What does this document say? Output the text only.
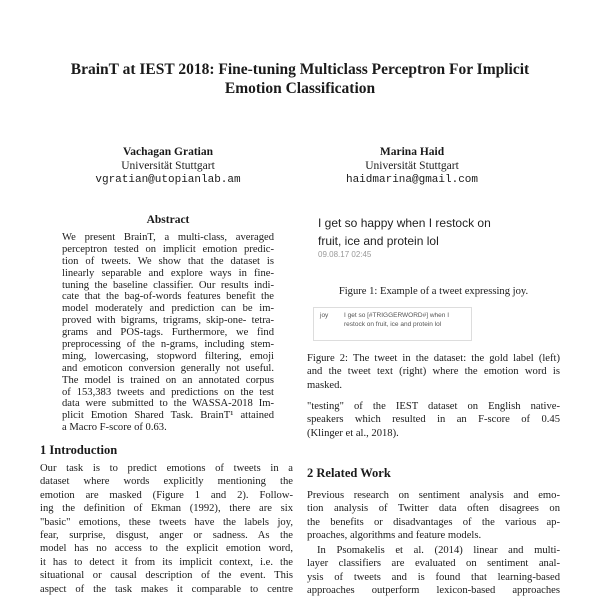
BrainT at IEST 2018: Fine-tuning Multiclass Perceptron For Implicit
Emotion Classification
Vachagan Gratian
Universität Stuttgart
vgratian@utopianlab.am
Marina Haid
Universität Stuttgart
haidmarina@gmail.com
Abstract
We present BrainT, a multi-class, averaged
perceptron tested on implicit emotion predic-
tion of tweets. We show that the dataset is
linearly separable and explore ways in fine-
tuning the baseline classifier. Our results indi-
cate that the bag-of-words features benefit the
model moderately and prediction can be im-
proved with bigrams, trigrams, skip-one- tetra-
grams and POS-tags. Furthermore, we find
preprocessing of the n-grams, including stem-
ming, lowercasing, stopword filtering, emoji
and emoticon conversion generally not useful.
The model is trained on an annotated corpus
of 153,383 tweets and predictions on the test
data were submitted to the WASSA-2018 Im-
plicit Emotion Shared Task. BrainT¹ attained
a Macro F-score of 0.63.
1 Introduction
Our task is to predict emotions of tweets in a
dataset where words explicitly mentioning the
emotion are masked (Figure 1 and 2). Follow-
ing the definition of Ekman (1992), there are six
"basic" emotions, these tweets have the labels joy,
fear, surprise, disgust, anger or sadness. As the
model has no access to the explicit emotion word,
it has to detect it from its implicit context, i.e. the
situational or causal description of the event. This
aspect of the task makes it comparable to centre
I get so happy when I restock on
fruit, ice and protein lol
09.08.17 02:45
Figure 1: Example of a tweet expressing joy.
joy I get so [#TRIGGERWORD#] when I
restock on fruit, ice and protein lol
Figure 2: The tweet in the dataset: the gold label (left)
and the tweet text (right) where the emotion word is
masked.
"testing" of the IEST dataset on English native-
speakers which resulted in an F-score of 0.45
(Klinger et al., 2018).
2 Related Work
Previous research on sentiment analysis and emo-
tion analysis of Twitter data often disagrees on
the benefits or disadvantages of the various ap-
proaches, algorithms and feature models.
In Psomakelis et al. (2014) linear and multi-
layer classifiers are evaluated on sentiment anal-
ysis of tweets and is found that learning-based
approaches outperform lexicon-based approaches
